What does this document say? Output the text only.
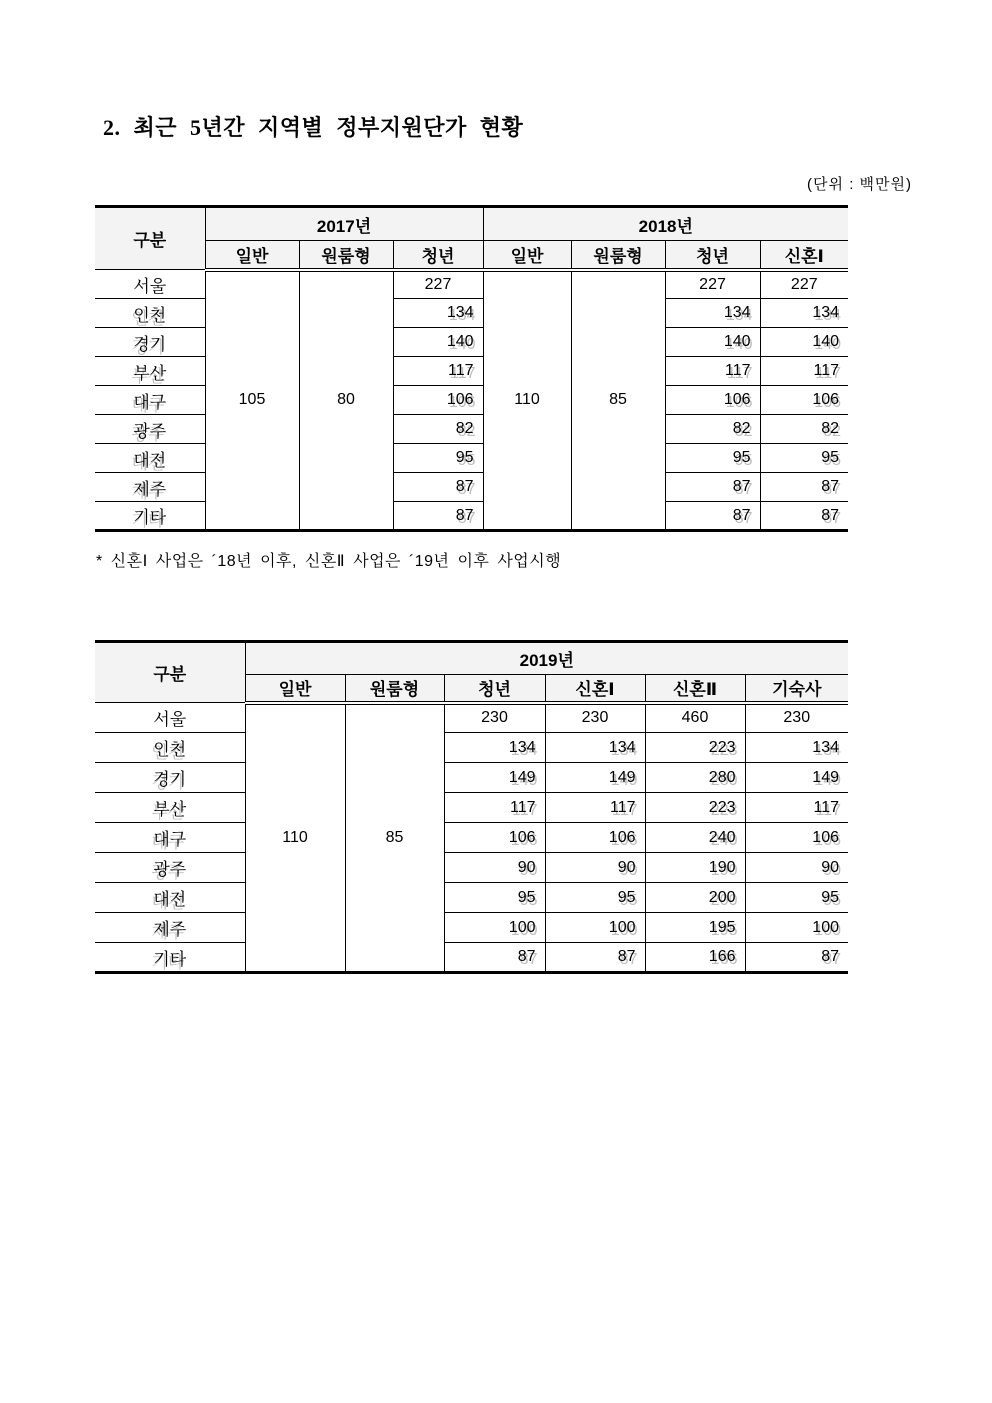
2. 최근 5년간 지역별 정부지원단가 현황
(단위 : 백만원)
구분	2017년			2018년			
	일반	원룸형	청년	일반	원룸형	청년	신혼Ⅰ
서울	105	80	227	110	85	227	227
인천			134			134	134
경기			140			140	140
부산			117			117	117
대구			106			106	106
광주			82			82	82
대전			95			95	95
제주			87			87	87
기타			87			87	87
* 신혼Ⅰ 사업은 ´18년 이후, 신혼Ⅱ 사업은 ´19년 이후 사업시행
구분	2019년					
	일반	원룸형	청년	신혼Ⅰ	신혼Ⅱ	기숙사
서울	110	85	230	230	460	230
인천			134	134	223	134
경기			149	149	280	149
부산			117	117	223	117
대구			106	106	240	106
광주			90	90	190	90
대전			95	95	200	95
제주			100	100	195	100
기타			87	87	166	87
